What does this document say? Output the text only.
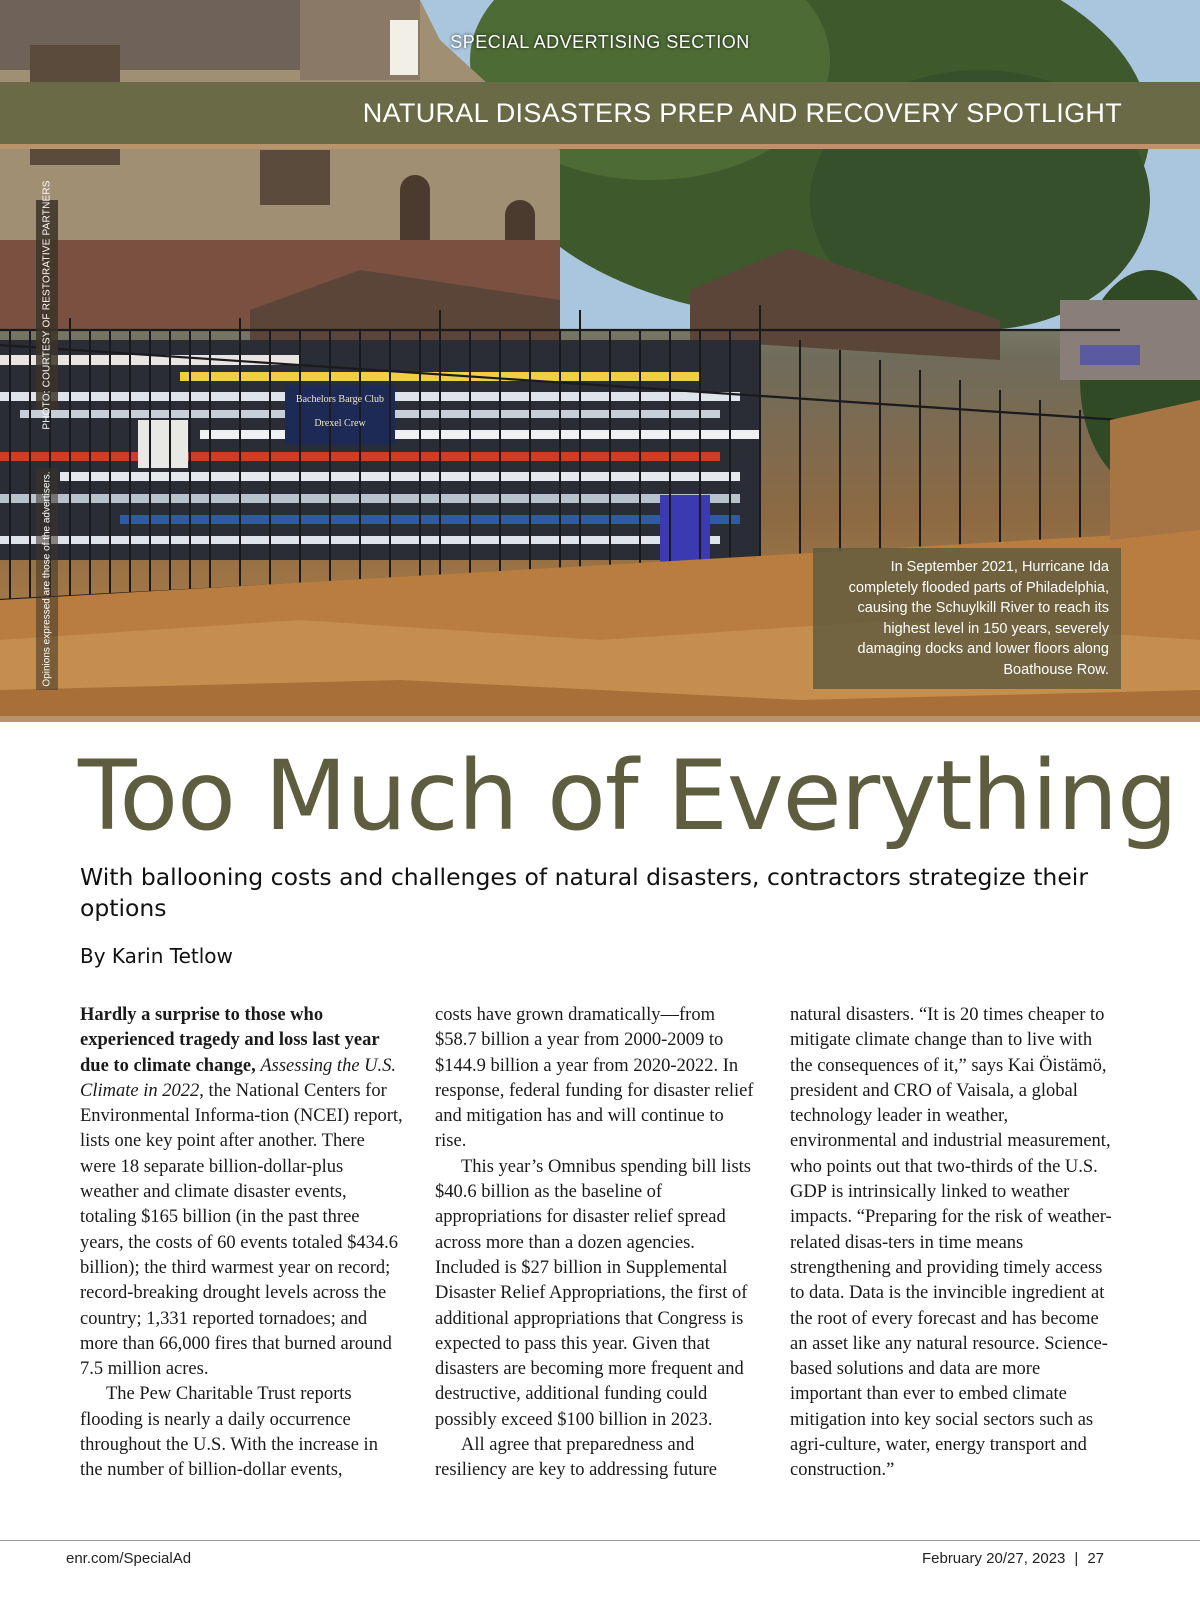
Bachelors Barge Club
Drexel Crew
SPECIAL ADVERTISING SECTION
NATURAL DISASTERS PREP AND RECOVERY SPOTLIGHT
PHOTO: COURTESY OF RESTORATIVE PARTNERS
Opinions expressed are those of the advertisers.	In September 2021, Hurricane Ida completely flooded parts of Philadelphia, causing the Schuylkill River to reach its highest level in 150 years, severely damaging docks and lower floors along Boathouse Row.
Too Much of Everything
With ballooning costs and challenges of natural disasters, contractors strategize their options
By Karin Tetlow

Hardly a surprise to those who experienced tragedy and loss last year due to climate change, Assessing the U.S. Climate in 2022, the National Centers for Environmental Informa-tion (NCEI) report, lists one key point after another. There were 18 separate billion-dollar-plus weather and climate disaster events, totaling $165 billion (in the past three years, the costs of 60 events totaled $434.6 billion); the third warmest year on record; record-breaking drought levels across the country; 1,331 reported tornadoes; and more than 66,000 fires that burned around 7.5 million acres.

The Pew Charitable Trust reports flooding is nearly a daily occurrence throughout the U.S. With the increase in the number of billion-dollar events,

costs have grown dramatically—from $58.7 billion a year from 2000-2009 to $144.9 billion a year from 2020-2022. In response, federal funding for disaster relief and mitigation has and will continue to rise.

This year’s Omnibus spending bill lists $40.6 billion as the baseline of appropriations for disaster relief spread across more than a dozen agencies. Included is $27 billion in Supplemental Disaster Relief Appropriations, the first of additional appropriations that Congress is expected to pass this year. Given that disasters are becoming more frequent and destructive, additional funding could possibly exceed $100 billion in 2023.

All agree that preparedness and resiliency are key to addressing future

natural disasters. “It is 20 times cheaper to mitigate climate change than to live with the consequences of it,” says Kai Öistämö, president and CRO of Vaisala, a global technology leader in weather, environmental and industrial measurement, who points out that two-thirds of the U.S. GDP is intrinsically linked to weather impacts. “Preparing for the risk of weather-related disas-ters in time means strengthening and providing timely access to data. Data is the invincible ingredient at the root of every forecast and has become an asset like any natural resource. Science-based solutions and data are more important than ever to embed climate mitigation into key social sectors such as agri-culture, water, energy transport and construction.”

enr.com/SpecialAd	February 20/27, 2023 | 27
